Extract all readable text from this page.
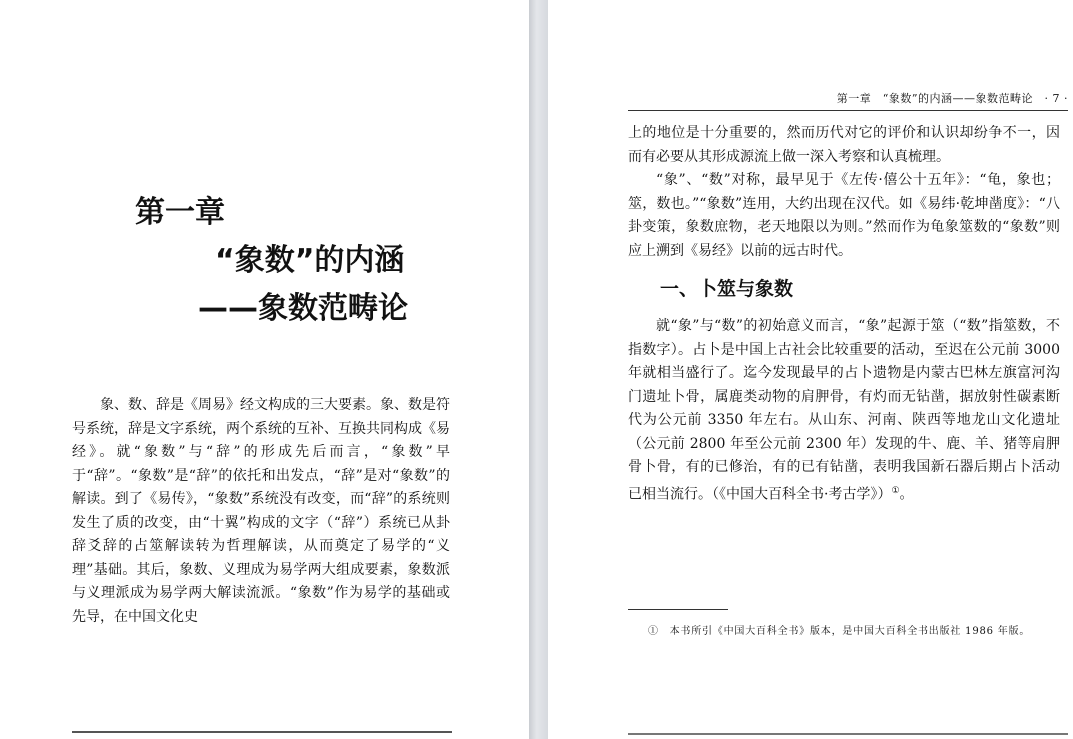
第一章
“象数”的内涵
——象数范畴论

象、数、辞是《周易》经文构成的三大要素。象、数是符号系统，辞是文字系统，两个系统的互补、互换共同构成《易经》。就“象数”与“辞”的形成先后而言，“象数”早于“辞”。“象数”是“辞”的依托和出发点，“辞”是对“象数”的解读。到了《易传》，“象数”系统没有改变，而“辞”的系统则发生了质的改变，由“十翼”构成的文字（“辞”）系统已从卦辞爻辞的占筮解读转为哲理解读，从而奠定了易学的“义理”基础。其后，象数、义理成为易学两大组成要素，象数派与义理派成为易学两大解读流派。“象数”作为易学的基础或先导，在中国文化史

第一章　“象数”的内涵——象数范畴论　· 7 ·

上的地位是十分重要的，然而历代对它的评价和认识却纷争不一，因而有必要从其形成源流上做一深入考察和认真梳理。

“象”、“数”对称，最早见于《左传·僖公十五年》：“龟，象也；筮，数也。”“象数”连用，大约出现在汉代。如《易纬·乾坤凿度》：“八卦变策，象数庶物，老天地限以为则。”然而作为龟象筮数的“象数”则应上溯到《易经》以前的远古时代。

一、卜筮与象数

就“象”与“数”的初始意义而言，“象”起源于筮（“数”指筮数，不指数字）。占卜是中国上古社会比较重要的活动，至迟在公元前 3000 年就相当盛行了。迄今发现最早的占卜遗物是内蒙古巴林左旗富河沟门遗址卜骨，属鹿类动物的肩胛骨，有灼而无钻凿，据放射性碳素断代为公元前 3350 年左右。从山东、河南、陕西等地龙山文化遗址（公元前 2800 年至公元前 2300 年）发现的牛、鹿、羊、猪等肩胛骨卜骨，有的已修治，有的已有钻凿，表明我国新石器后期占卜活动已相当流行。（《中国大百科全书·考古学》）①。

①　本书所引《中国大百科全书》版本，是中国大百科全书出版社 1986 年版。
